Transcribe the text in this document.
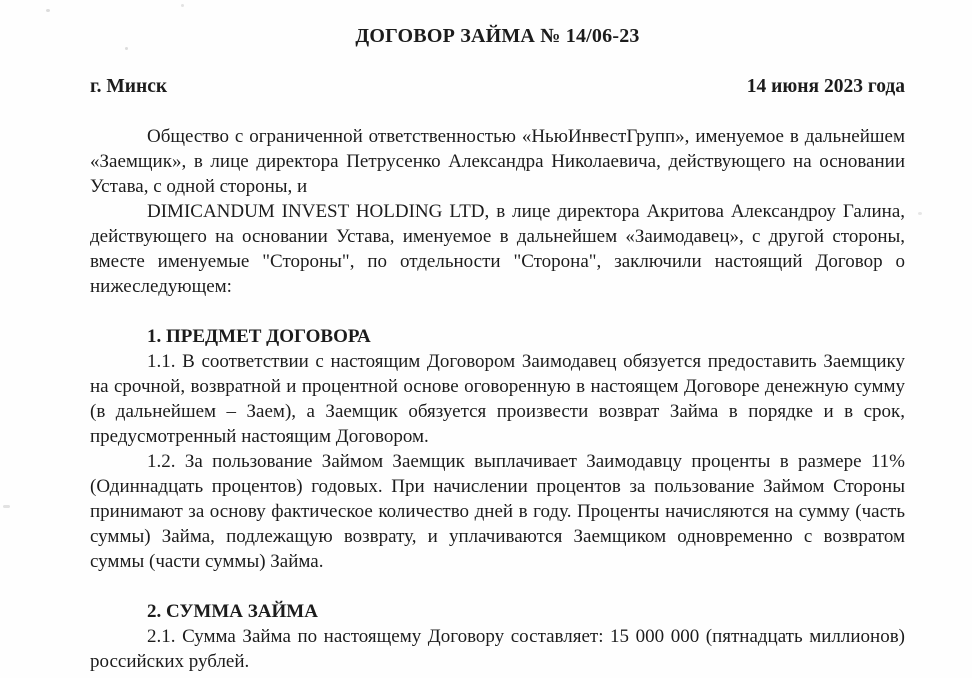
ДОГОВОР ЗАЙМА № 14/06-23
г. Минск	14 июня 2023 года

Общество с ограниченной ответственностью «НьюИнвестГрупп», именуемое в дальнейшем «Заемщик», в лице директора Петрусенко Александра Николаевича, действующего на основании Устава, с одной стороны, и

DIMICANDUM INVEST HOLDING LTD, в лице директора Акритова Александроу Галина, действующего на основании Устава, именуемое в дальнейшем «Заимодавец», с другой стороны, вместе именуемые "Стороны", по отдельности "Сторона", заключили настоящий Договор о нижеследующем:

1. ПРЕДМЕТ ДОГОВОРА

1.1. В соответствии с настоящим Договором Заимодавец обязуется предоставить Заемщику на срочной, возвратной и процентной основе оговоренную в настоящем Договоре денежную сумму (в дальнейшем – Заем), а Заемщик обязуется произвести возврат Займа в порядке и в срок, предусмотренный настоящим Договором.

1.2. За пользование Займом Заемщик выплачивает Заимодавцу проценты в размере 11% (Одиннадцать процентов) годовых. При начислении процентов за пользование Займом Стороны принимают за основу фактическое количество дней в году. Проценты начисляются на сумму (часть суммы) Займа, подлежащую возврату, и уплачиваются Заемщиком одновременно с возвратом суммы (части суммы) Займа.

2. СУММА ЗАЙМА

2.1. Сумма Займа по настоящему Договору составляет: 15 000 000 (пятнадцать миллионов) российских рублей.
